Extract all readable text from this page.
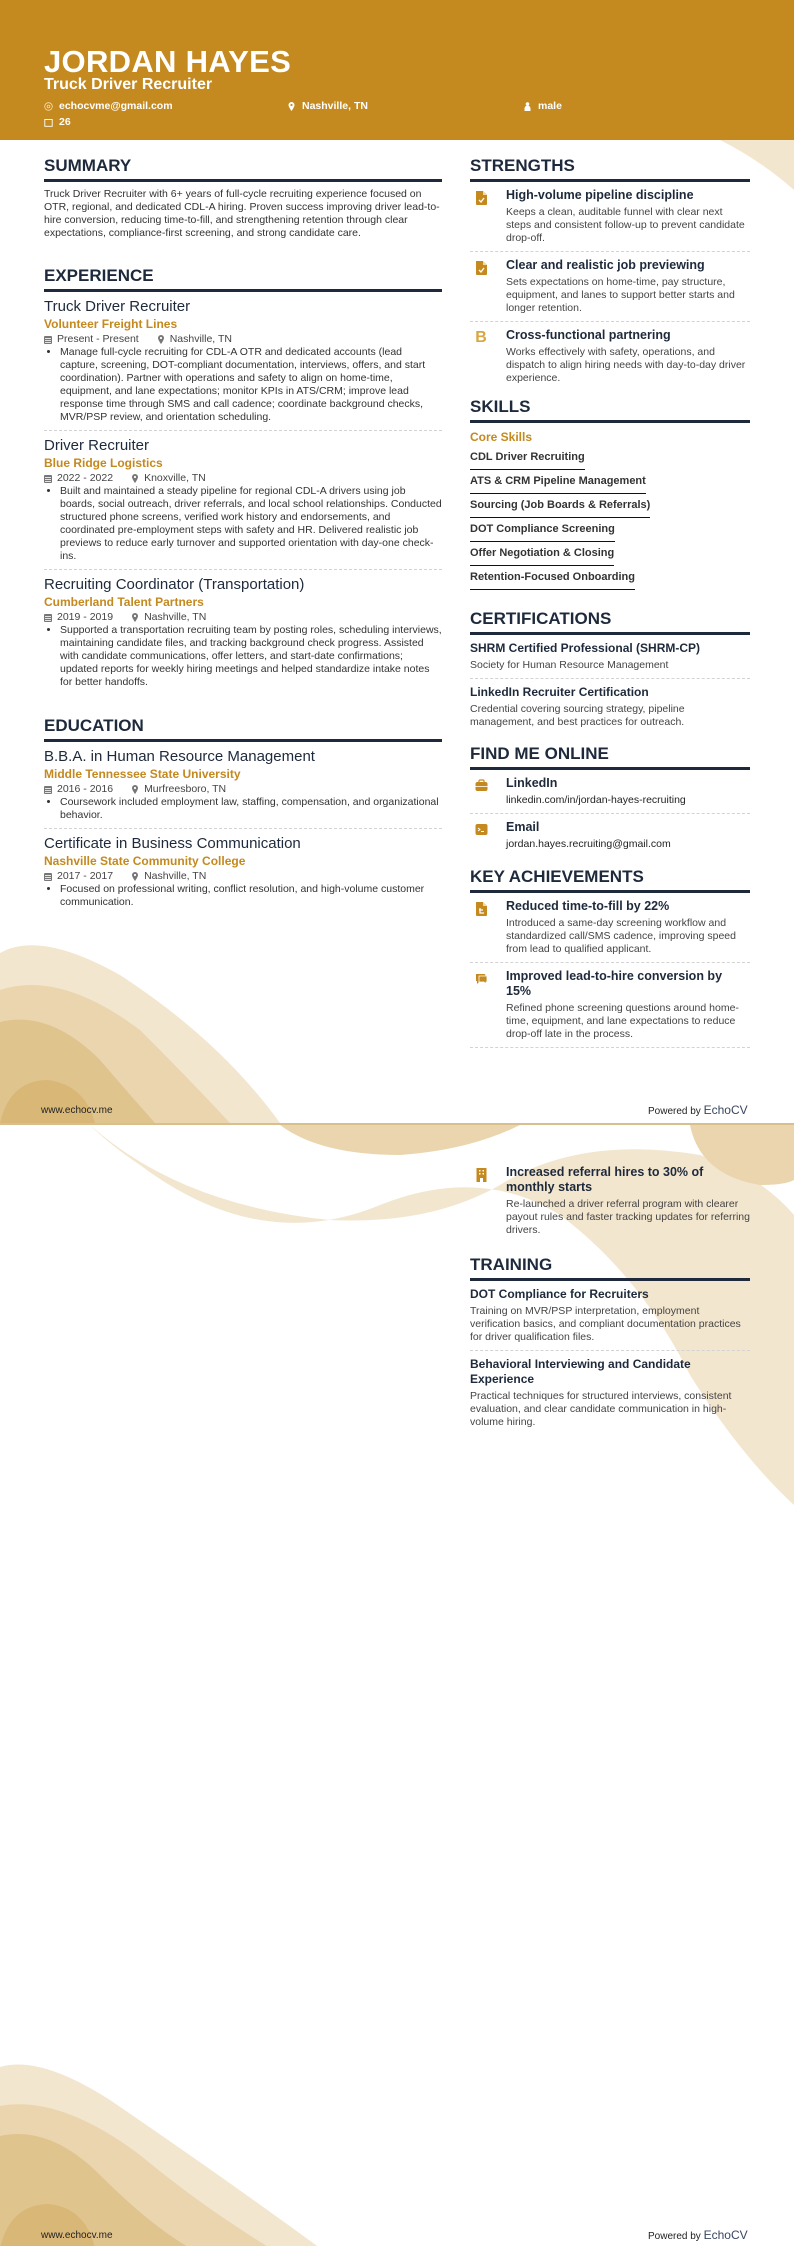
JORDAN HAYES
Truck Driver Recruiter
echocvme@gmail.com	Nashville, TN	male
26
SUMMARY
Truck Driver Recruiter with 6+ years of full-cycle recruiting experience focused on OTR, regional, and dedicated CDL-A hiring. Proven success improving driver lead-to-hire conversion, reducing time-to-fill, and strengthening retention through clear expectations, compliance-first screening, and strong candidate care.
EXPERIENCE
Truck Driver Recruiter
Volunteer Freight Lines
Present - Present	Nashville, TN
• Manage full-cycle recruiting for CDL-A OTR and dedicated accounts (lead capture, screening, DOT-compliant documentation, interviews, offers, and start coordination). Partner with operations and safety to align on home-time, equipment, and lane expectations; monitor KPIs in ATS/CRM; improve lead response time through SMS and call cadence; coordinate background checks, MVR/PSP review, and orientation scheduling.
Driver Recruiter
Blue Ridge Logistics
2022 - 2022	Knoxville, TN
• Built and maintained a steady pipeline for regional CDL-A drivers using job boards, social outreach, driver referrals, and local school relationships. Conducted structured phone screens, verified work history and endorsements, and coordinated pre-employment steps with safety and HR. Delivered realistic job previews to reduce early turnover and supported orientation with day-one check-ins.
Recruiting Coordinator (Transportation)
Cumberland Talent Partners
2019 - 2019	Nashville, TN
• Supported a transportation recruiting team by posting roles, scheduling interviews, maintaining candidate files, and tracking background check progress. Assisted with candidate communications, offer letters, and start-date confirmations; updated reports for weekly hiring meetings and helped standardize intake notes for better handoffs.
EDUCATION
B.B.A. in Human Resource Management
Middle Tennessee State University
2016 - 2016	Murfreesboro, TN
• Coursework included employment law, staffing, compensation, and organizational behavior.
Certificate in Business Communication
Nashville State Community College
2017 - 2017	Nashville, TN
• Focused on professional writing, conflict resolution, and high-volume customer communication.
STRENGTHS
High-volume pipeline discipline
Keeps a clean, auditable funnel with clear next steps and consistent follow-up to prevent candidate drop-off.
Clear and realistic job previewing
Sets expectations on home-time, pay structure, equipment, and lanes to support better starts and longer retention.
B Cross-functional partnering
Works effectively with safety, operations, and dispatch to align hiring needs with day-to-day driver experience.
SKILLS
Core Skills
CDL Driver Recruiting
ATS & CRM Pipeline Management
Sourcing (Job Boards & Referrals)
DOT Compliance Screening
Offer Negotiation & Closing
Retention-Focused Onboarding
CERTIFICATIONS
SHRM Certified Professional (SHRM-CP)
Society for Human Resource Management
LinkedIn Recruiter Certification
Credential covering sourcing strategy, pipeline management, and best practices for outreach.
FIND ME ONLINE
LinkedIn
linkedin.com/in/jordan-hayes-recruiting
Email
jordan.hayes.recruiting@gmail.com
KEY ACHIEVEMENTS
Reduced time-to-fill by 22%
Introduced a same-day screening workflow and standardized call/SMS cadence, improving speed from lead to qualified applicant.
Improved lead-to-hire conversion by 15%
Refined phone screening questions around home-time, equipment, and lane expectations to reduce drop-off late in the process.
www.echocv.me	Powered by EchoCV
Increased referral hires to 30% of monthly starts
Re-launched a driver referral program with clearer payout rules and faster tracking updates for referring drivers.
TRAINING
DOT Compliance for Recruiters
Training on MVR/PSP interpretation, employment verification basics, and compliant documentation practices for driver qualification files.
Behavioral Interviewing and Candidate Experience
Practical techniques for structured interviews, consistent evaluation, and clear candidate communication in high-volume hiring.
www.echocv.me	Powered by EchoCV
